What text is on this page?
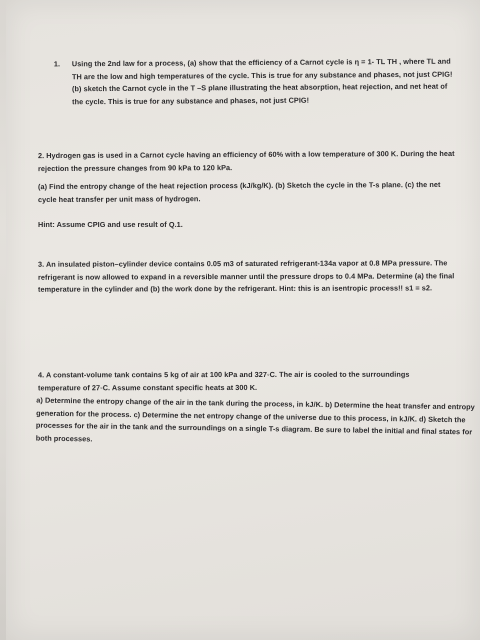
1. Using the 2nd law for a process, (a) show that the efficiency of a Carnot cycle is η = 1- TL TH , where TL and TH are the low and high temperatures of the cycle. This is true for any substance and phases, not just CPIG! (b) sketch the Carnot cycle in the T –S plane illustrating the heat absorption, heat rejection, and net heat of the cycle. This is true for any substance and phases, not just CPIG!

2. Hydrogen gas is used in a Carnot cycle having an efficiency of 60% with a low temperature of 300 K. During the heat rejection the pressure changes from 90 kPa to 120 kPa.

(a) Find the entropy change of the heat rejection process (kJ/kg/K). (b) Sketch the cycle in the T-s plane. (c) the net cycle heat transfer per unit mass of hydrogen.

Hint: Assume CPIG and use result of Q.1.

3. An insulated piston–cylinder device contains 0.05 m3 of saturated refrigerant-134a vapor at 0.8 MPa pressure. The refrigerant is now allowed to expand in a reversible manner until the pressure drops to 0.4 MPa. Determine (a) the final temperature in the cylinder and (b) the work done by the refrigerant. Hint: this is an isentropic process!! s1 = s2.

4. A constant-volume tank contains 5 kg of air at 100 kPa and 327◦C. The air is cooled to the surroundings temperature of 27◦C. Assume constant specific heats at 300 K.

a) Determine the entropy change of the air in the tank during the process, in kJ/K. b) Determine the heat transfer and entropy generation for the process. c) Determine the net entropy change of the universe due to this process, in kJ/K. d) Sketch the processes for the air in the tank and the surroundings on a single T-s diagram. Be sure to label the initial and final states for both processes.
